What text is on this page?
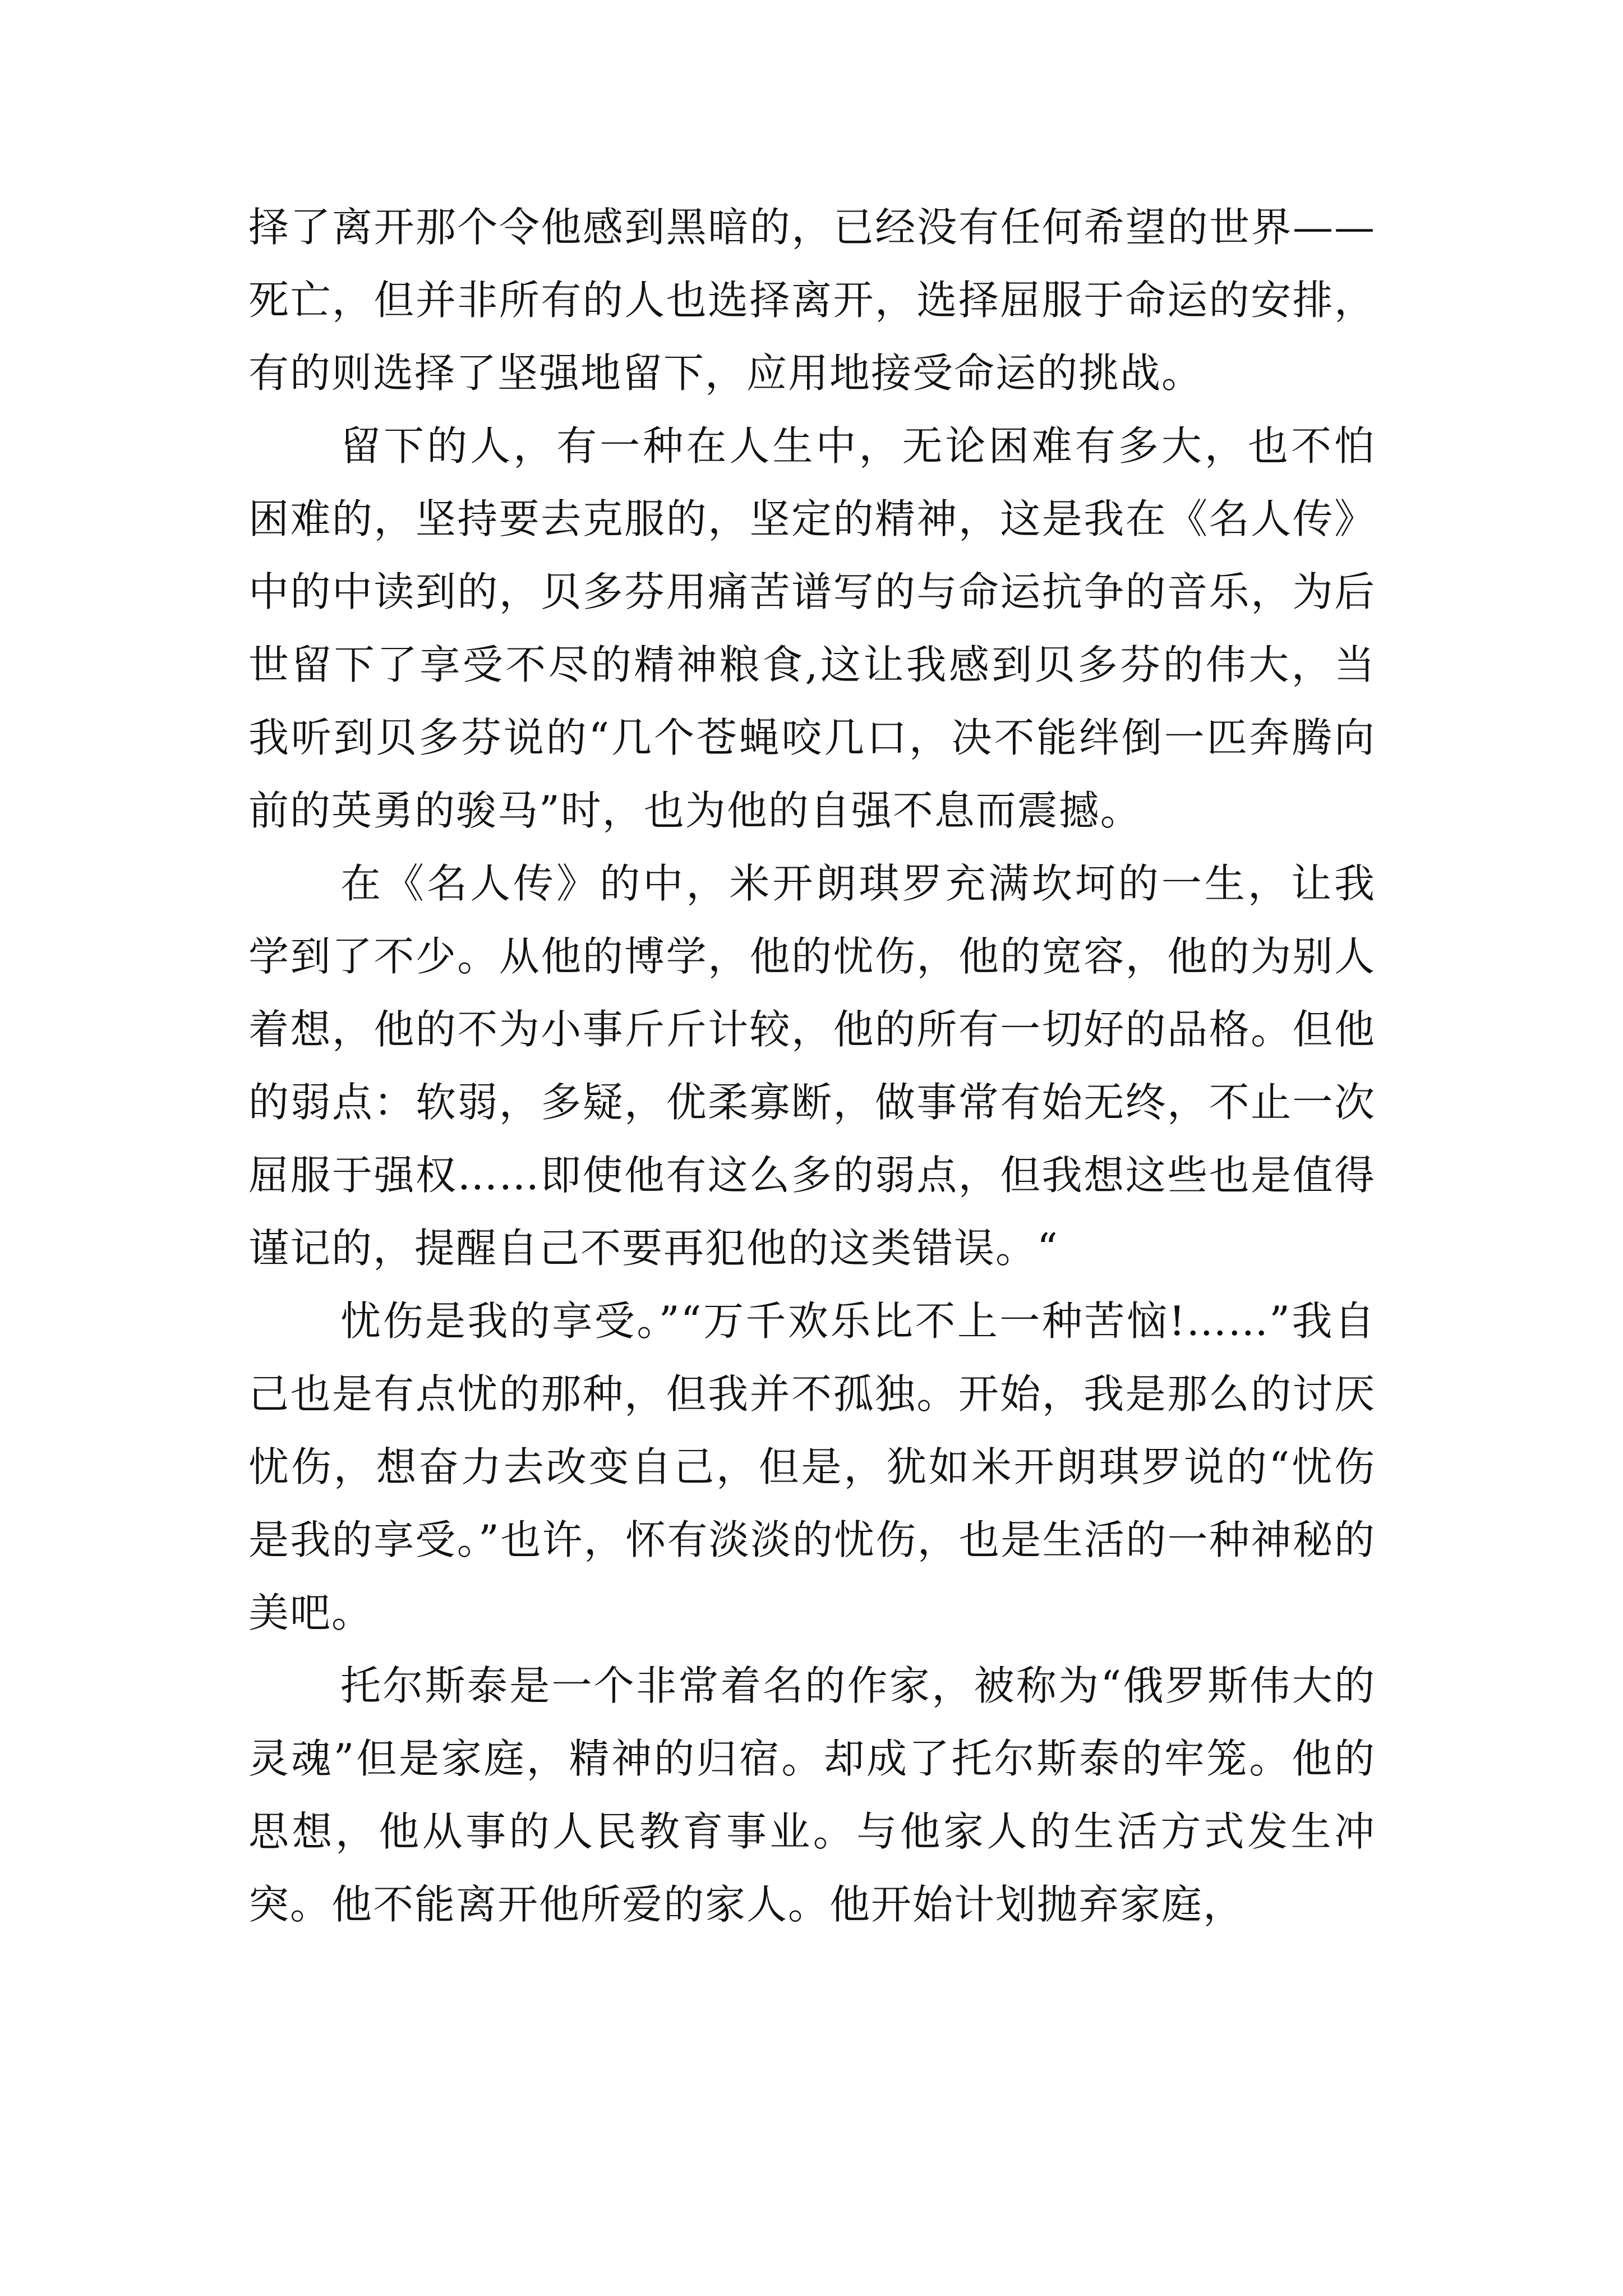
择了离开那个令他感到黑暗的，已经没有任何希望的世界——死亡，但并非所有的人也选择离开，选择屈服于命运的安排，有的则选择了坚强地留下，应用地接受命运的挑战。

留下的人，有一种在人生中，无论困难有多大，也不怕困难的，坚持要去克服的，坚定的精神，这是我在《名人传》中的中读到的，贝多芬用痛苦谱写的与命运抗争的音乐，为后世留下了享受不尽的精神粮食,这让我感到贝多芬的伟大，当我听到贝多芬说的“几个苍蝇咬几口，决不能绊倒一匹奔腾向前的英勇的骏马”时，也为他的自强不息而震撼。

在《名人传》的中，米开朗琪罗充满坎坷的一生，让我学到了不少。从他的博学，他的忧伤，他的宽容，他的为别人着想，他的不为小事斤斤计较，他的所有一切好的品格。但他的弱点：软弱，多疑，优柔寡断，做事常有始无终，不止一次屈服于强权……即使他有这么多的弱点，但我想这些也是值得谨记的，提醒自己不要再犯他的这类错误。“

忧伤是我的享受。”“万千欢乐比不上一种苦恼!……”我自己也是有点忧的那种，但我并不孤独。开始，我是那么的讨厌忧伤，想奋力去改变自己，但是，犹如米开朗琪罗说的“忧伤是我的享受。”也许，怀有淡淡的忧伤，也是生活的一种神秘的美吧。

托尔斯泰是一个非常着名的作家，被称为“俄罗斯伟大的灵魂”但是家庭，精神的归宿。却成了托尔斯泰的牢笼。他的思想，他从事的人民教育事业。与他家人的生活方式发生冲突。他不能离开他所爱的家人。他开始计划抛弃家庭，
